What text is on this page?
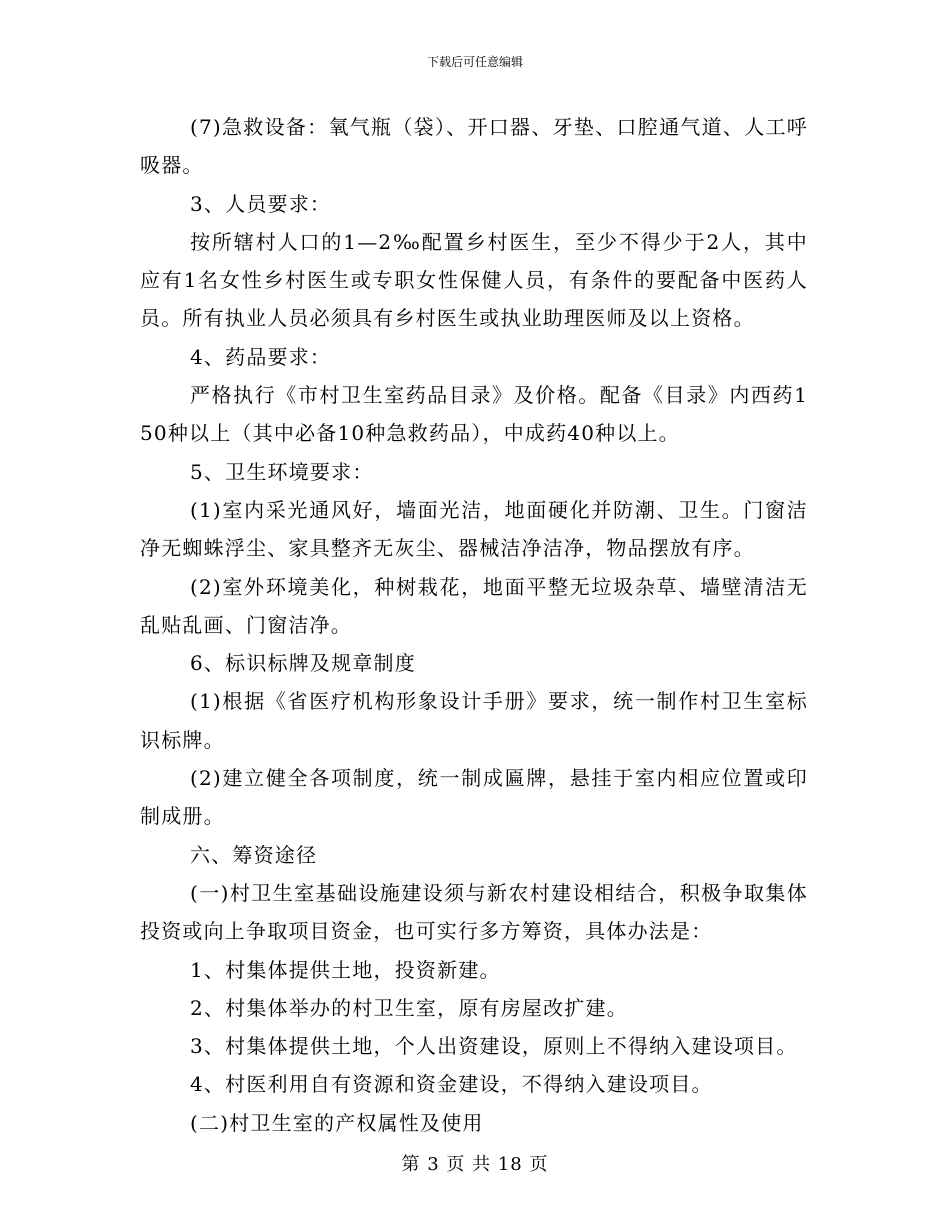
下载后可任意编辑

(7)急救设备：氧气瓶（袋）、开口器、牙垫、口腔通气道、人工呼吸器。

3、人员要求：

按所辖村人口的1—2‰配置乡村医生，至少不得少于2人，其中应有1名女性乡村医生或专职女性保健人员，有条件的要配备中医药人员。所有执业人员必须具有乡村医生或执业助理医师及以上资格。

4、药品要求：

严格执行《市村卫生室药品目录》及价格。配备《目录》内西药150种以上（其中必备10种急救药品），中成药40种以上。

5、卫生环境要求：

(1)室内采光通风好，墙面光洁，地面硬化并防潮、卫生。门窗洁净无蜘蛛浮尘、家具整齐无灰尘、器械洁净洁净，物品摆放有序。

(2)室外环境美化，种树栽花，地面平整无垃圾杂草、墙壁清洁无乱贴乱画、门窗洁净。

6、标识标牌及规章制度

(1)根据《省医疗机构形象设计手册》要求，统一制作村卫生室标识标牌。

(2)建立健全各项制度，统一制成匾牌，悬挂于室内相应位置或印制成册。

六、筹资途径

(一)村卫生室基础设施建设须与新农村建设相结合，积极争取集体投资或向上争取项目资金，也可实行多方筹资，具体办法是：

1、村集体提供土地，投资新建。

2、村集体举办的村卫生室，原有房屋改扩建。

3、村集体提供土地，个人出资建设，原则上不得纳入建设项目。

4、村医利用自有资源和资金建设，不得纳入建设项目。

(二)村卫生室的产权属性及使用

第 3 页 共 18 页
